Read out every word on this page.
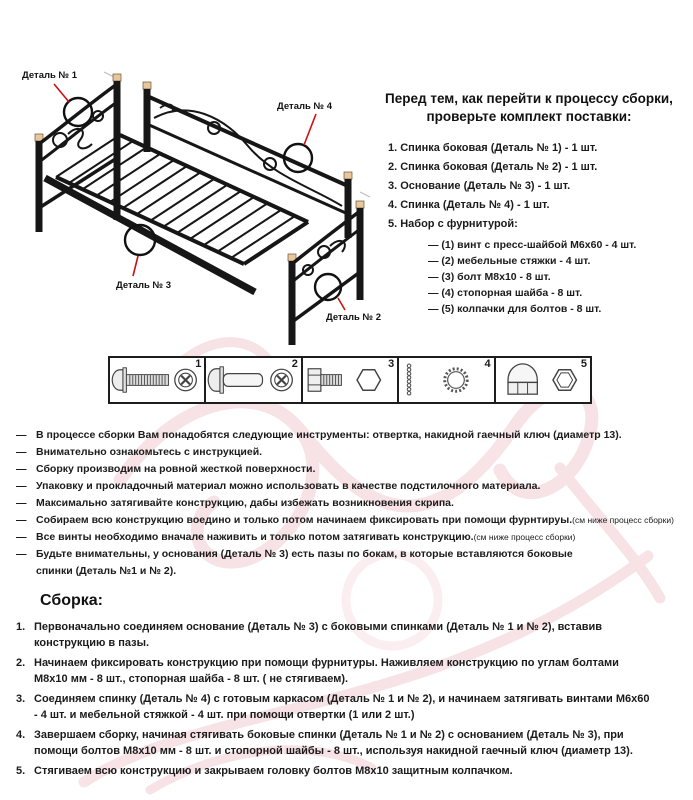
Деталь № 1
Деталь № 4
Деталь № 3
Деталь № 2
Перед тем, как перейти к процессу сборки,
проверьте комплект поставки:
1. Спинка боковая (Деталь № 1) - 1 шт.
2. Спинка боковая (Деталь № 2) - 1 шт.
3. Основание (Деталь № 3) - 1 шт.
4. Спинка (Деталь № 4) - 1 шт.
5. Набор с фурнитурой:
— (1) винт с пресс-шайбой М6х60 - 4 шт.
— (2) мебельные стяжки - 4 шт.
— (3) болт М8х10 - 8 шт.
— (4) стопорная шайба - 8 шт.
— (5) колпачки для болтов - 8 шт.
1	2	3	4	5
— В процессе сборки Вам понадобятся следующие инструменты: отвертка, накидной гаечный ключ (диаметр 13).
— Внимательно ознакомьтесь с инструкцией.
— Сборку производим на ровной жесткой поверхности.
— Упаковку и прокладочный материал можно использовать в качестве подстилочного материала.
— Максимально затягивайте конструкцию, дабы избежать возникновения скрипа.
— Собираем всю конструкцию воедино и только потом начинаем фиксировать при помощи фурнтируы.(см ниже процесс сборки)
— Все винты необходимо вначале наживить и только потом затягивать конструкцию.(см ниже процесс сборки)
— Будьте внимательны, у основания (Деталь № 3) есть пазы по бокам, в которые вставляются боковые спинки (Деталь №1 и № 2).
Сборка:
1. Первоначально соединяем основание (Деталь № 3) с боковыми спинками (Деталь № 1 и № 2), вставив конструкцию в пазы.
2. Начинаем фиксировать конструкцию при помощи фурнитуры. Наживляем конструкцию по углам болтами М8х10 мм - 8 шт., стопорная шайба - 8 шт. ( не стягиваем).
3. Соединяем спинку (Деталь № 4) с готовым каркасом (Деталь № 1 и № 2), и начинаем затягивать винтами М6х60 - 4 шт. и мебельной стяжкой - 4 шт. при помощи отвертки (1 или 2 шт.)
4. Завершаем сборку, начиная стягивать боковые спинки (Деталь № 1 и № 2) с основанием (Деталь № 3), при помощи болтов М8х10 мм - 8 шт. и стопорной шайбы - 8 шт., используя накидной гаечный ключ (диаметр 13).
5. Стягиваем всю конструкцию и закрываем головку болтов М8х10 защитным колпачком.
